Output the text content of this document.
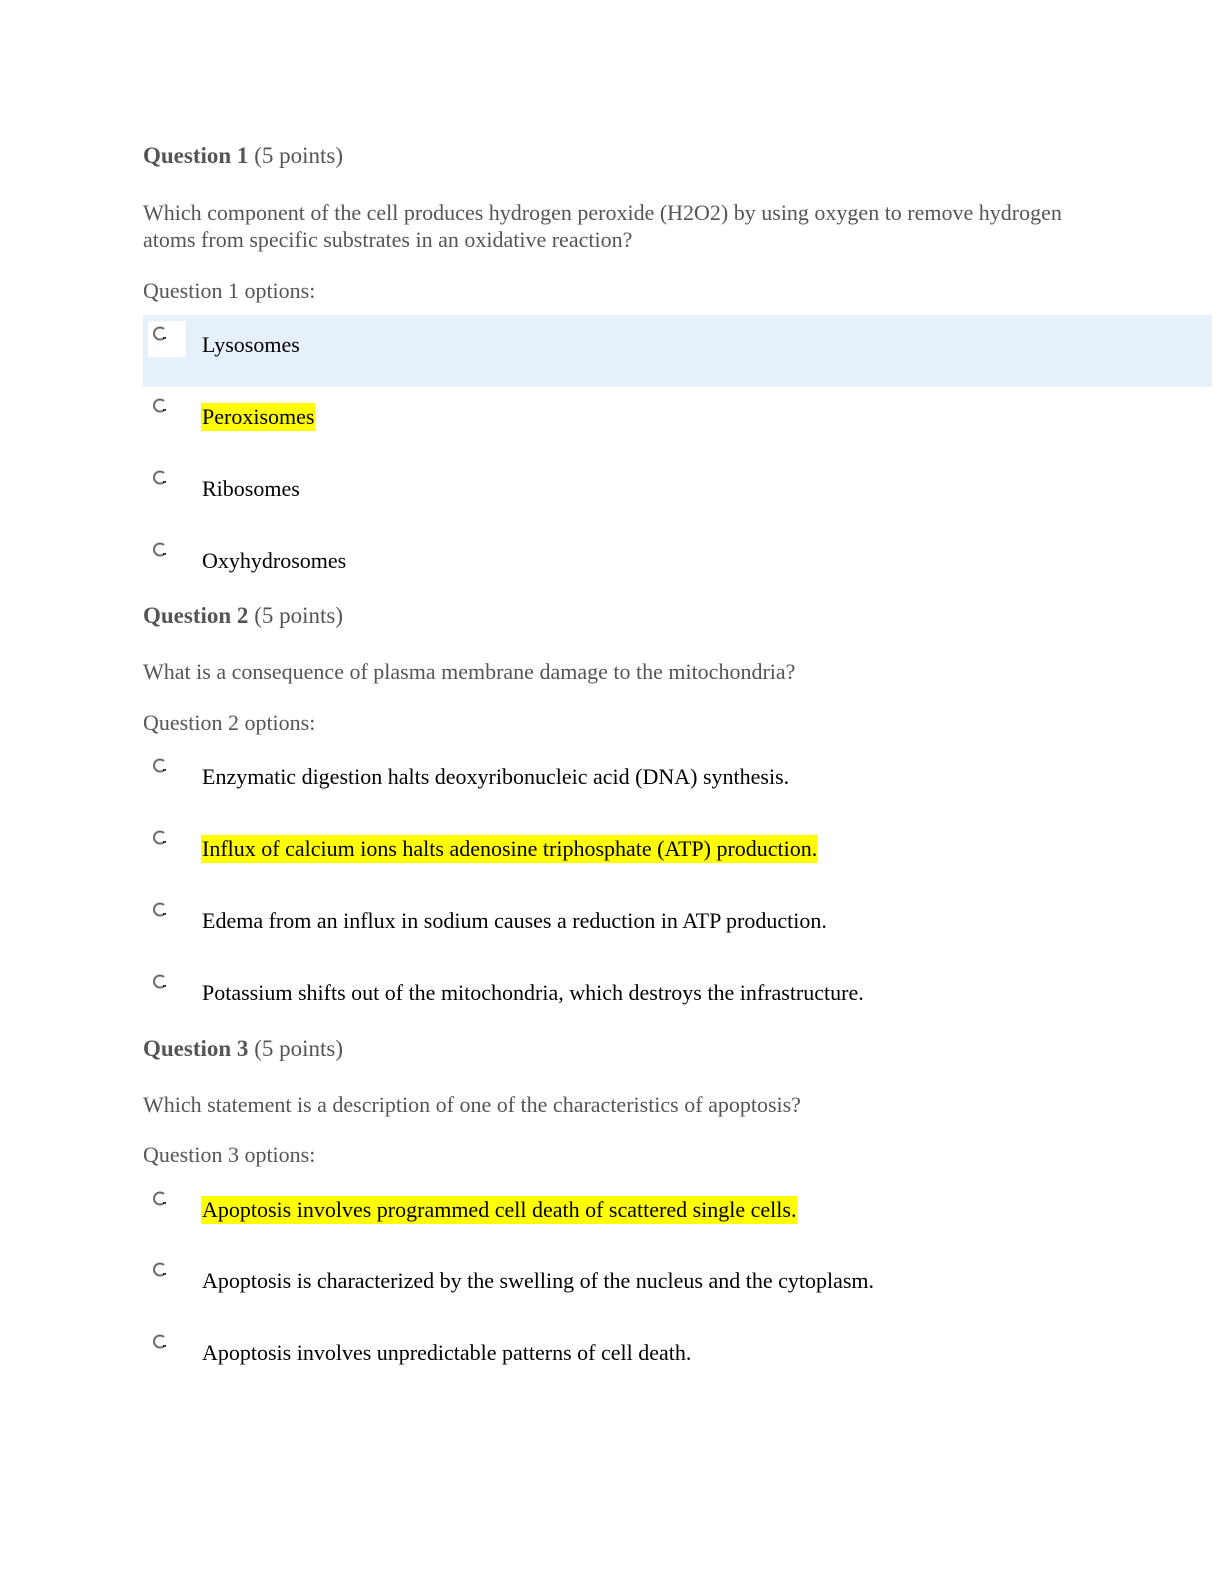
Question 1 (5 points)
Which component of the cell produces hydrogen peroxide (H2O2) by using oxygen to remove hydrogen atoms from specific substrates in an oxidative reaction?
Question 1 options:
Lysosomes
Peroxisomes
Ribosomes
Oxyhydrosomes
Question 2 (5 points)
What is a consequence of plasma membrane damage to the mitochondria?
Question 2 options:
Enzymatic digestion halts deoxyribonucleic acid (DNA) synthesis.
Influx of calcium ions halts adenosine triphosphate (ATP) production.
Edema from an influx in sodium causes a reduction in ATP production.
Potassium shifts out of the mitochondria, which destroys the infrastructure.
Question 3 (5 points)
Which statement is a description of one of the characteristics of apoptosis?
Question 3 options:
Apoptosis involves programmed cell death of scattered single cells.
Apoptosis is characterized by the swelling of the nucleus and the cytoplasm.
Apoptosis involves unpredictable patterns of cell death.
